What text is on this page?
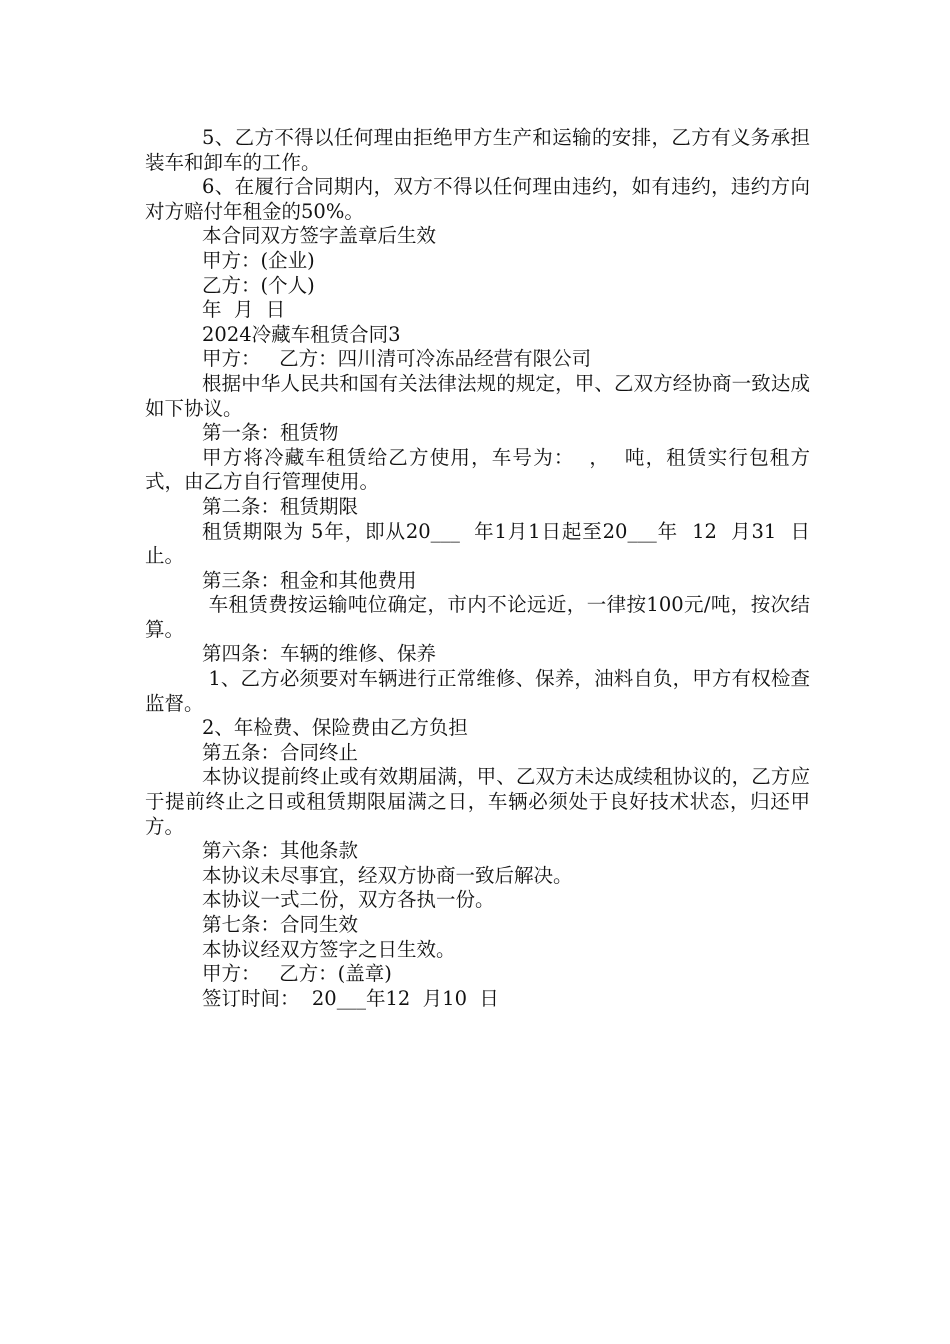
5、乙方不得以任何理由拒绝甲方生产和运输的安排，乙方有义务承担装车和卸车的工作。

6、在履行合同期内，双方不得以任何理由违约，如有违约，违约方向对方赔付年租金的50%。

本合同双方签字盖章后生效

甲方：(企业)

乙方：(个人)

年  月  日

2024冷藏车租赁合同3

甲方：   乙方：四川清可冷冻品经营有限公司

根据中华人民共和国有关法律法规的规定，甲、乙双方经协商一致达成如下协议。

第一条：租赁物

甲方将冷藏车租赁给乙方使用，车号为：  ，  吨，租赁实行包租方式，由乙方自行管理使用。

第二条：租赁期限

租赁期限为 5年，即从20___  年1月1日起至20___年  12  月31  日止。

第三条：租金和其他费用

车租赁费按运输吨位确定，市内不论远近，一律按100元/吨，按次结算。

第四条：车辆的维修、保养

1、乙方必须要对车辆进行正常维修、保养，油料自负，甲方有权检查监督。

2、年检费、保险费由乙方负担

第五条：合同终止

本协议提前终止或有效期届满，甲、乙双方未达成续租协议的，乙方应于提前终止之日或租赁期限届满之日，车辆必须处于良好技术状态，归还甲方。

第六条：其他条款

本协议未尽事宜，经双方协商一致后解决。

本协议一式二份，双方各执一份。

第七条：合同生效

本协议经双方签字之日生效。

甲方：   乙方：(盖章)

签订时间：  20___年12  月10  日
